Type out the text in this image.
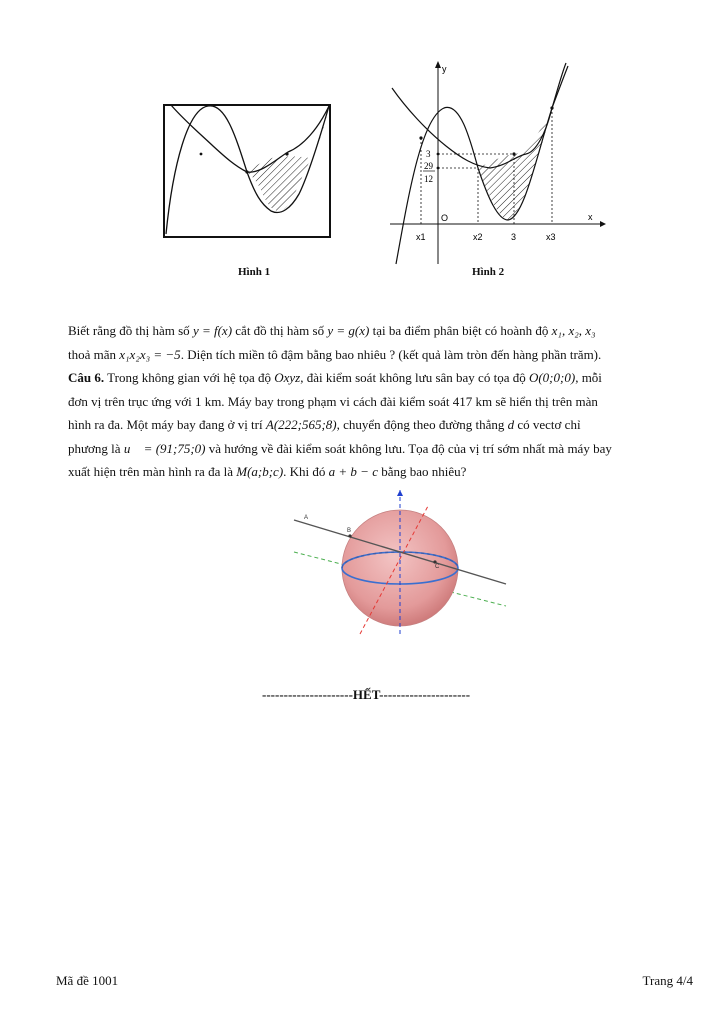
Hình 1
y
x
O
3
29
12
x1	x2	3	x3
Hình 2
Biết rằng đồ thị hàm số y = f(x) cắt đồ thị hàm số y = g(x) tại ba điểm phân biệt có hoành độ x₁, x₂, x₃
thoả mãn x₁x₂x₃ = −5. Diện tích miền tô đậm bằng bao nhiêu ? (kết quả làm tròn đến hàng phần trăm).
Câu 6. Trong không gian với hệ tọa độ Oxyz, đài kiểm soát không lưu sân bay có tọa độ O(0;0;0), mỗi
đơn vị trên trục ứng với 1 km. Máy bay trong phạm vi cách đài kiểm soát 417 km sẽ hiển thị trên màn
hình ra đa. Một máy bay đang ở vị trí A(222;565;8), chuyển động theo đường thẳng d có vectơ chỉ
phương là u⃗ = (91;75;0) và hướng về đài kiểm soát không lưu. Tọa độ của vị trí sớm nhất mà máy bay
xuất hiện trên màn hình ra đa là M(a;b;c). Khi đó a + b − c bằng bao nhiêu?
A
B
C
---------------------HẾT---------------------
Mã đề 1001	Trang 4/4
